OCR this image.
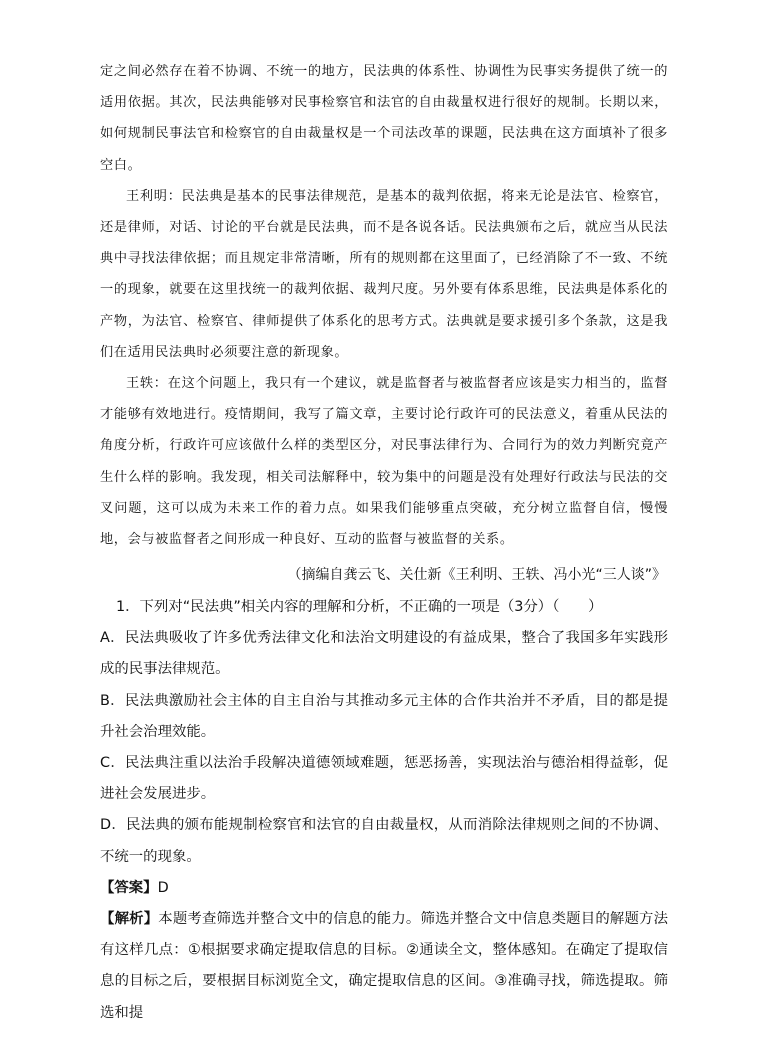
定之间必然存在着不协调、不统一的地方，民法典的体系性、协调性为民事实务提供了统一的适用依据。其次，民法典能够对民事检察官和法官的自由裁量权进行很好的规制。长期以来，如何规制民事法官和检察官的自由裁量权是一个司法改革的课题，民法典在这方面填补了很多空白。

王利明：民法典是基本的民事法律规范，是基本的裁判依据，将来无论是法官、检察官，还是律师，对话、讨论的平台就是民法典，而不是各说各话。民法典颁布之后，就应当从民法典中寻找法律依据；而且规定非常清晰，所有的规则都在这里面了，已经消除了不一致、不统一的现象，就要在这里找统一的裁判依据、裁判尺度。另外要有体系思维，民法典是体系化的产物，为法官、检察官、律师提供了体系化的思考方式。法典就是要求援引多个条款，这是我们在适用民法典时必须要注意的新现象。

王轶：在这个问题上，我只有一个建议，就是监督者与被监督者应该是实力相当的，监督才能够有效地进行。疫情期间，我写了篇文章，主要讨论行政许可的民法意义，着重从民法的角度分析，行政许可应该做什么样的类型区分，对民事法律行为、合同行为的效力判断究竟产生什么样的影响。我发现，相关司法解释中，较为集中的问题是没有处理好行政法与民法的交叉问题，这可以成为未来工作的着力点。如果我们能够重点突破，充分树立监督自信，慢慢地，会与被监督者之间形成一种良好、互动的监督与被监督的关系。

（摘编自龚云飞、关仕新《王利明、王轶、冯小光“三人谈”》

1．下列对“民法典”相关内容的理解和分析，不正确的一项是（3分）（　　）

A．民法典吸收了许多优秀法律文化和法治文明建设的有益成果，整合了我国多年实践形成的民事法律规范。

B．民法典激励社会主体的自主自治与其推动多元主体的合作共治并不矛盾，目的都是提升社会治理效能。

C．民法典注重以法治手段解决道德领域难题，惩恶扬善，实现法治与德治相得益彰，促进社会发展进步。

D．民法典的颁布能规制检察官和法官的自由裁量权，从而消除法律规则之间的不协调、不统一的现象。

【答案】D

【解析】本题考查筛选并整合文中的信息的能力。筛选并整合文中信息类题目的解题方法有这样几点：①根据要求确定提取信息的目标。②通读全文，整体感知。在确定了提取信息的目标之后，要根据目标浏览全文，确定提取信息的区间。③准确寻找，筛选提取。筛选和提
